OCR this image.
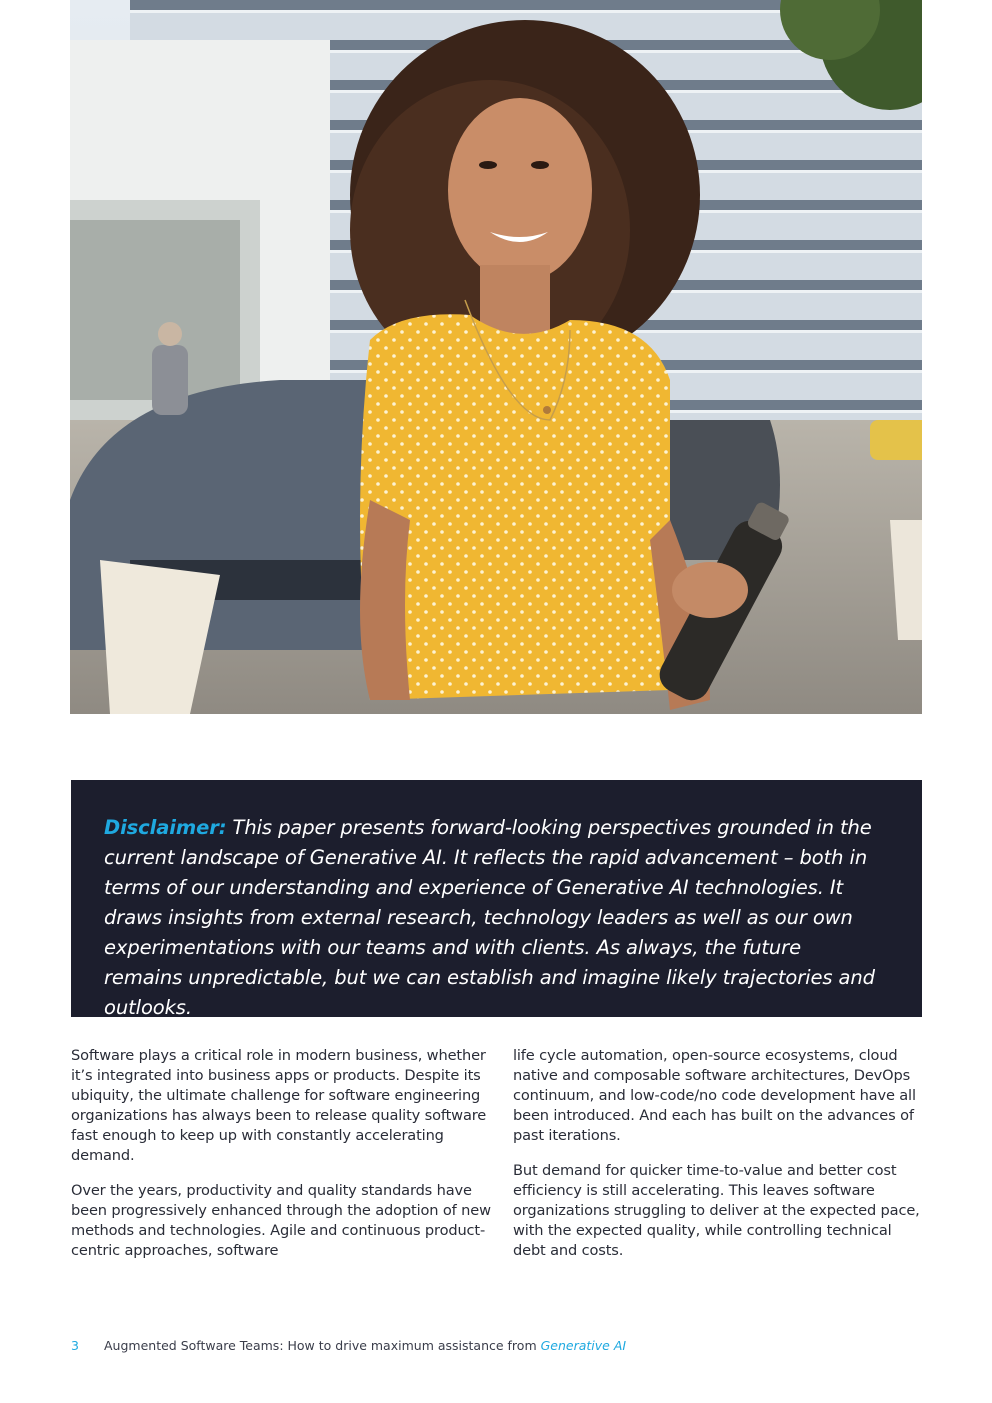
Disclaimer: This paper presents forward-looking perspectives grounded in the current landscape of Generative AI. It reflects the rapid advancement – both in terms of our understanding and experience of Generative AI technologies. It draws insights from external research, technology leaders as well as our own experimentations with our teams and with clients. As always, the future remains unpredictable, but we can establish and imagine likely trajectories and outlooks.

Software plays a critical role in modern business, whether it’s integrated into business apps or products. Despite its ubiquity, the ultimate challenge for software engineering organizations has always been to release quality software fast enough to keep up with constantly accelerating demand.

Over the years, productivity and quality standards have been progressively enhanced through the adoption of new methods and technologies. Agile and continuous product-centric approaches, software

life cycle automation, open-source ecosystems, cloud native and composable software architectures, DevOps continuum, and low-code/no code development have all been introduced. And each has built on the advances of past iterations.

But demand for quicker time-to-value and better cost efficiency is still accelerating. This leaves software organizations struggling to deliver at the expected pace, with the expected quality, while controlling technical debt and costs.

3 Augmented Software Teams: How to drive maximum assistance from Generative AI
